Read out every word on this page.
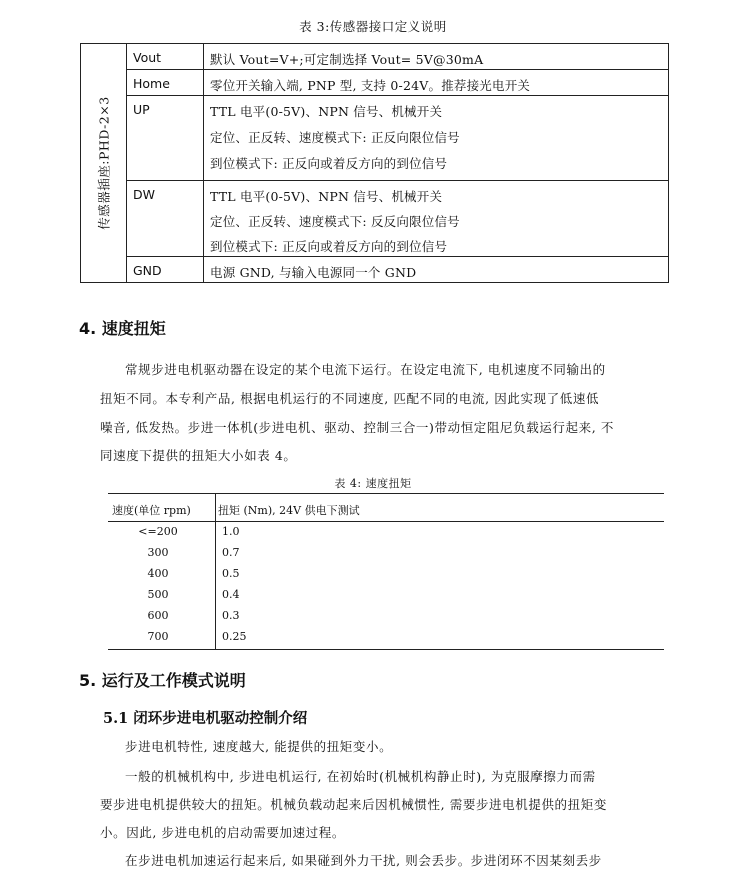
表 3:传感器接口定义说明
传感器插座:PHD-2×3
Vout	默认 Vout=V+;可定制选择 Vout= 5V@30mA
Home	零位开关输入端, PNP 型, 支持 0-24V。推荐接光电开关
UP	TTL 电平(0-5V)、NPN 信号、机械开关
定位、正反转、速度模式下: 正反向限位信号
到位模式下: 正反向或着反方向的到位信号
DW	TTL 电平(0-5V)、NPN 信号、机械开关
定位、正反转、速度模式下: 反反向限位信号
到位模式下: 正反向或着反方向的到位信号
GND	电源 GND, 与输入电源同一个 GND
4. 速度扭矩

常规步进电机驱动器在设定的某个电流下运行。在设定电流下, 电机速度不同输出的

扭矩不同。本专利产品, 根据电机运行的不同速度, 匹配不同的电流, 因此实现了低速低

噪音, 低发热。步进一体机(步进电机、驱动、控制三合一)带动恒定阻尼负载运行起来, 不

同速度下提供的扭矩大小如表 4。

表 4: 速度扭矩
速度(单位 rpm) 扭矩 (Nm), 24V 供电下测试
<=200	1.0
300	0.7
400	0.5
500	0.4
600	0.3
700	0.25
5. 运行及工作模式说明
5.1 闭环步进电机驱动控制介绍

步进电机特性, 速度越大, 能提供的扭矩变小。

一般的机械机构中, 步进电机运行, 在初始时(机械机构静止时), 为克服摩擦力而需

要步进电机提供较大的扭矩。机械负载动起来后因机械惯性, 需要步进电机提供的扭矩变

小。因此, 步进电机的启动需要加速过程。

在步进电机加速运行起来后, 如果碰到外力干扰, 则会丢步。步进闭环不因某刻丢步
